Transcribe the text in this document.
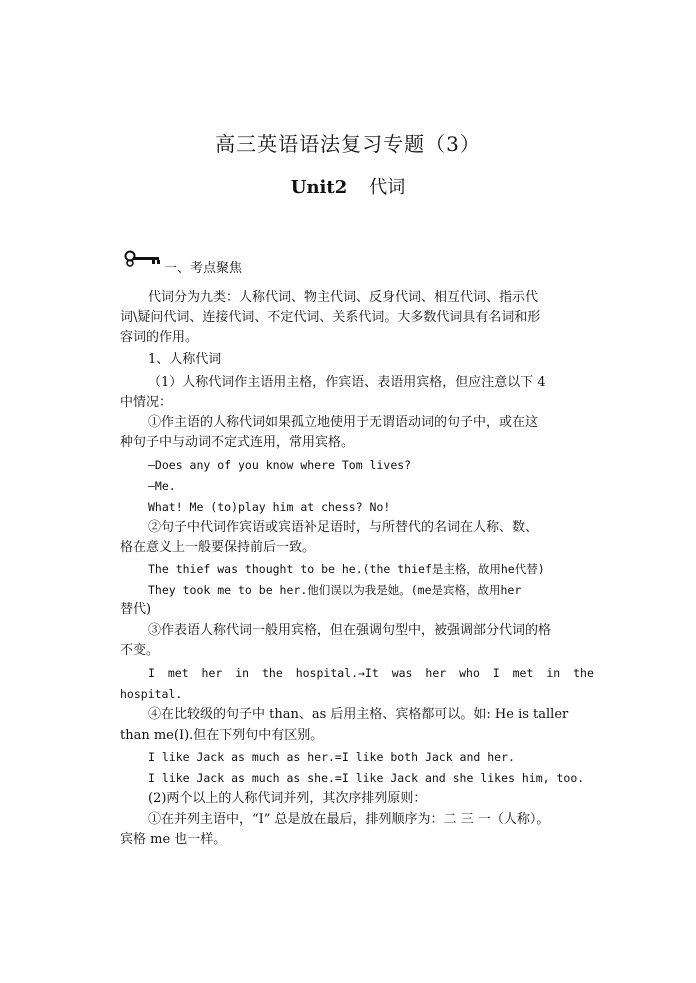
高三英语语法复习专题（3）
Unit2 代词
一、考点聚焦
代词分为九类：人称代词、物主代词、反身代词、相互代词、指示代
词\疑问代词、连接代词、不定代词、关系代词。大多数代词具有名词和形
容词的作用。
1、人称代词
（1）人称代词作主语用主格，作宾语、表语用宾格，但应注意以下 4
中情况：
①作主语的人称代词如果孤立地使用于无谓语动词的句子中，或在这
种句子中与动词不定式连用，常用宾格。
—Does any of you know where Tom lives?
—Me.
What! Me (to)play him at chess? No!
②句子中代词作宾语或宾语补足语时，与所替代的名词在人称、数、
格在意义上一般要保持前后一致。
The thief was thought to be he.(the thief是主格，故用he代替)
They took me to be her.他们误以为我是她。(me是宾格，故用her
替代)
③作表语人称代词一般用宾格，但在强调句型中，被强调部分代词的格
不变。
I met her in the hospital.→It was her who I met in the
hospital.
④在比较级的句子中 than、as 后用主格、宾格都可以。如: He is taller
than me(I).但在下列句中有区别。
I like Jack as much as her.=I like both Jack and her.
I like Jack as much as she.=I like Jack and she likes him, too.
(2)两个以上的人称代词并列，其次序排列原则：
①在并列主语中，“I” 总是放在最后，排列顺序为：二 三 一（人称）。
宾格 me 也一样。
